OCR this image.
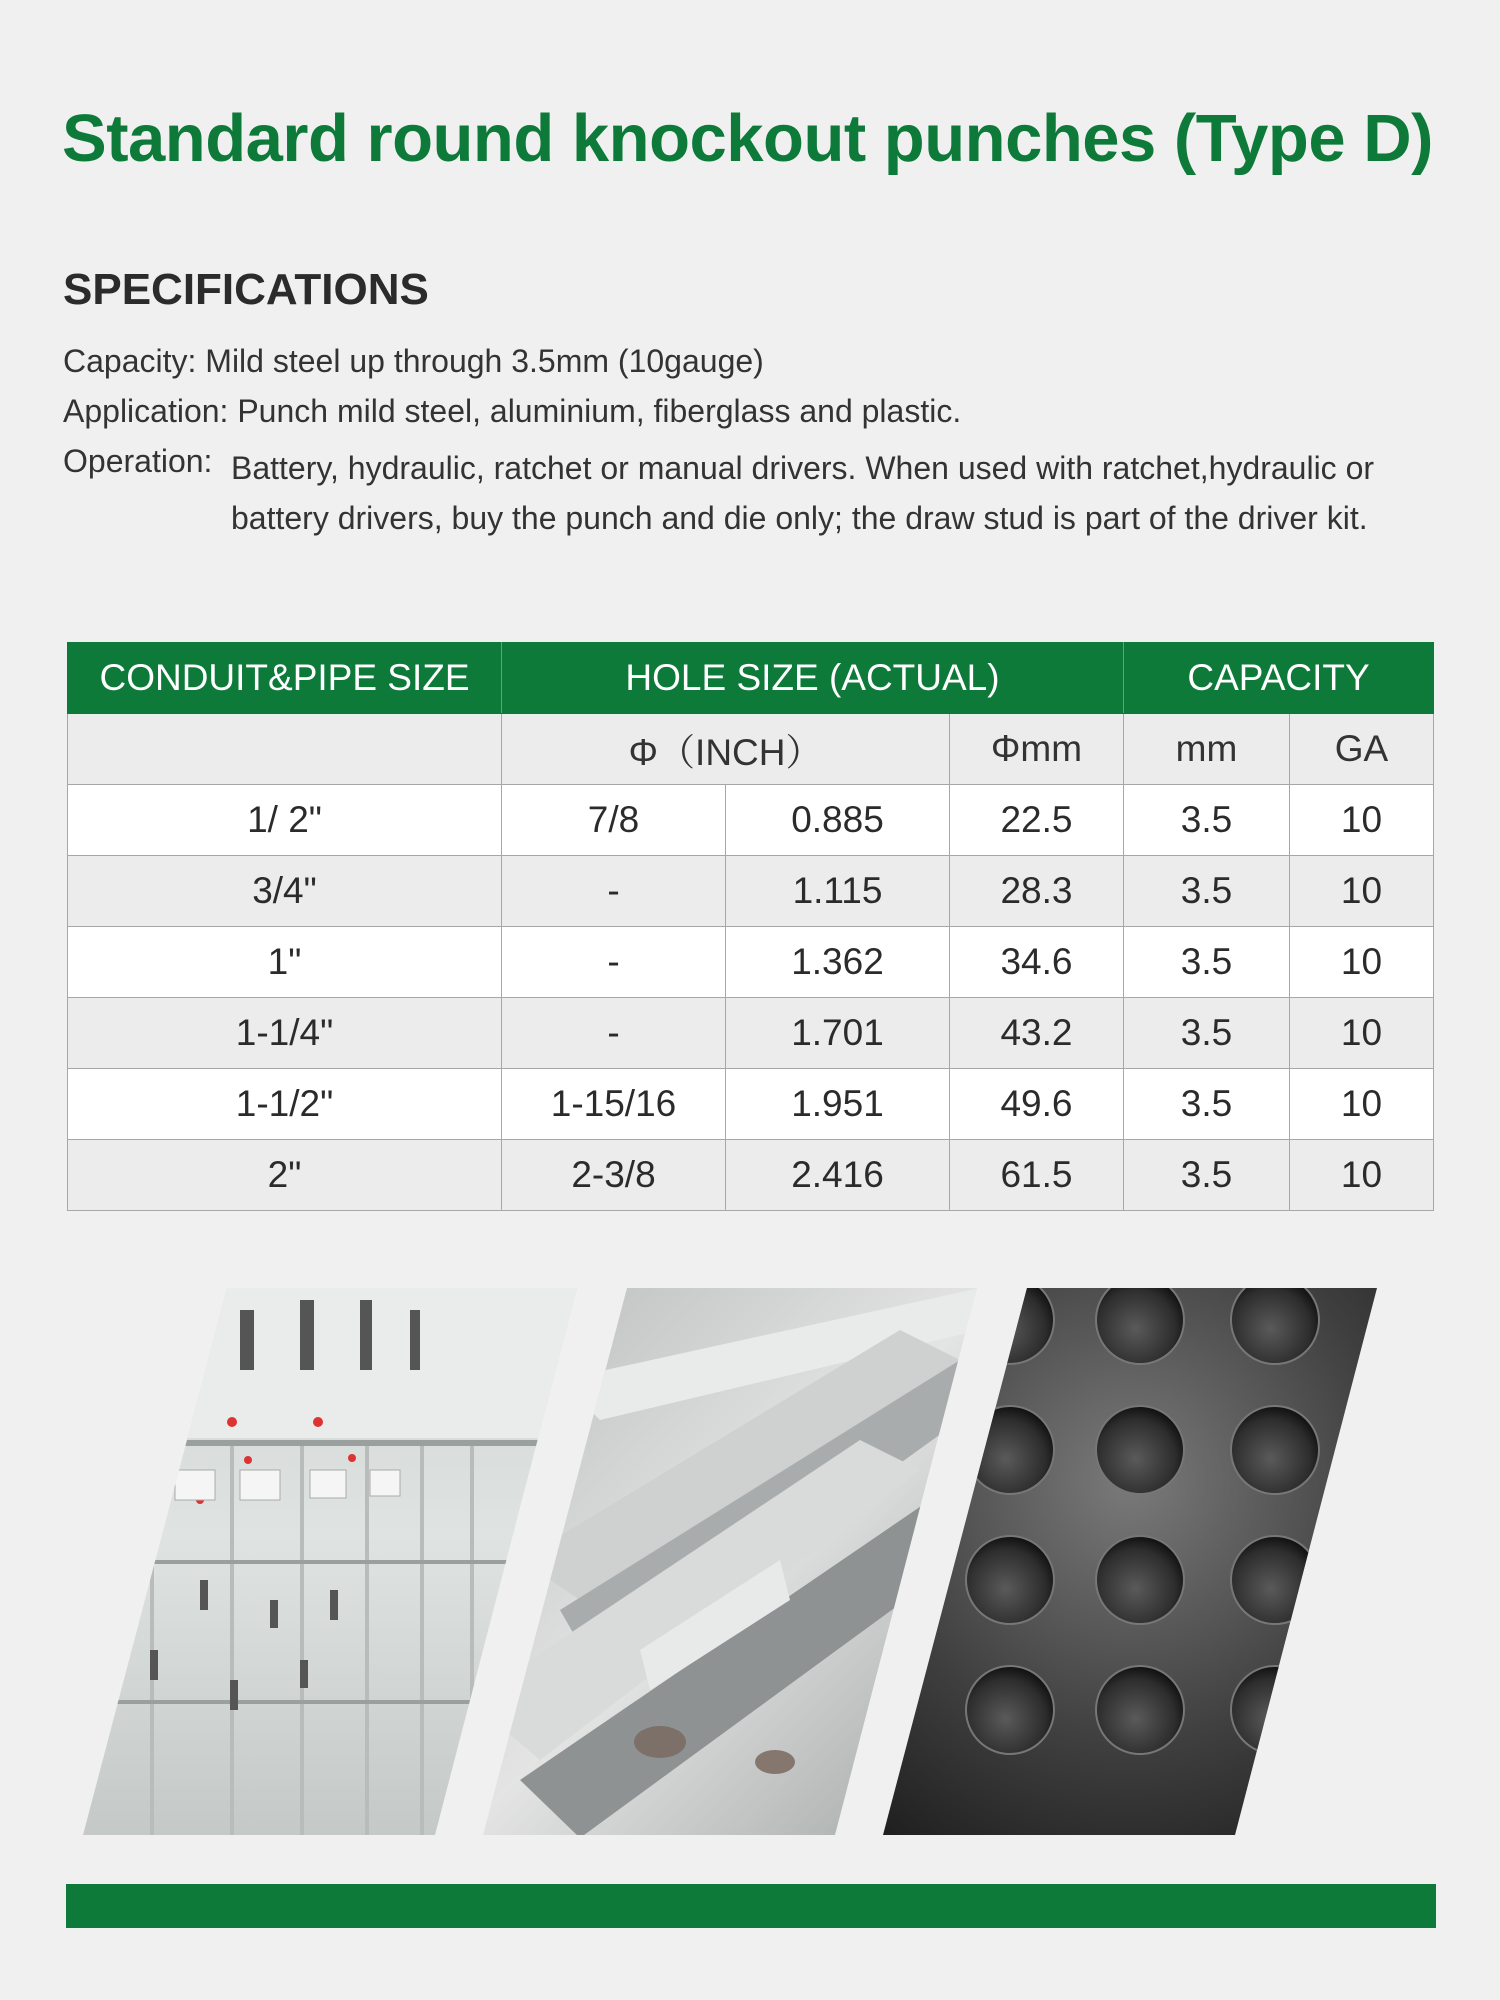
Standard round knockout punches (Type D)
SPECIFICATIONS
Capacity: Mild steel up through 3.5mm (10gauge)
Application: Punch mild steel, aluminium, fiberglass and plastic.
Operation: Battery, hydraulic, ratchet or manual drivers. When used with ratchet,hydraulic or battery drivers, buy the punch and die only; the draw stud is part of the driver kit.
CONDUIT&PIPE SIZE	HOLE SIZE (ACTUAL)			CAPACITY	
	Φ（INCH）		Φmm	mm	GA
1/ 2"	7/8	0.885	22.5	3.5	10
3/4"	-	1.115	28.3	3.5	10
1"	-	1.362	34.6	3.5	10
1-1/4"	-	1.701	43.2	3.5	10
1-1/2"	1-15/16	1.951	49.6	3.5	10
2"	2-3/8	2.416	61.5	3.5	10
